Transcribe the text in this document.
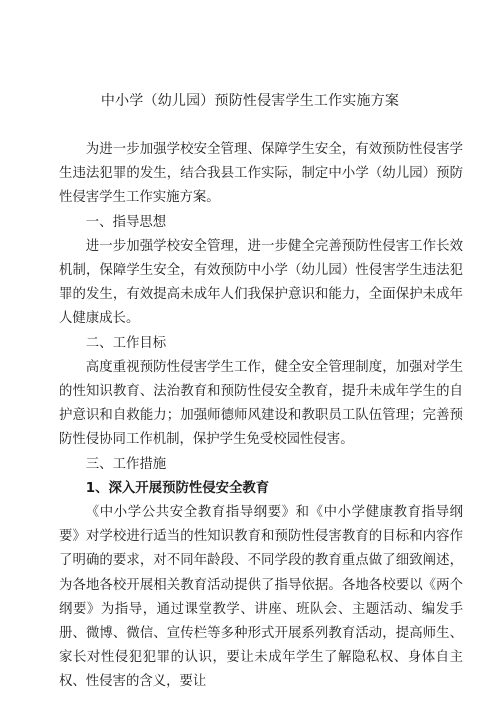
中小学（幼儿园）预防性侵害学生工作实施方案

为进一步加强学校安全管理、保障学生安全，有效预防性侵害学生违法犯罪的发生，结合我县工作实际，制定中小学（幼儿园）预防性侵害学生工作实施方案。

一、指导思想

进一步加强学校安全管理，进一步健全完善预防性侵害工作长效机制，保障学生安全，有效预防中小学（幼儿园）性侵害学生违法犯罪的发生，有效提高未成年人们我保护意识和能力，全面保护未成年人健康成长。

二、工作目标

高度重视预防性侵害学生工作，健全安全管理制度，加强对学生的性知识教育、法治教育和预防性侵安全教育，提升未成年学生的自护意识和自救能力；加强师德师风建设和教职员工队伍管理；完善预防性侵协同工作机制，保护学生免受校园性侵害。

三、工作措施
1、深入开展预防性侵安全教育

《中小学公共安全教育指导纲要》和《中小学健康教育指导纲要》对学校进行适当的性知识教育和预防性侵害教育的目标和内容作了明确的要求，对不同年龄段、不同学段的教育重点做了细致阐述，为各地各校开展相关教育活动提供了指导依据。各地各校要以《两个纲要》为指导，通过课堂教学、讲座、班队会、主题活动、编发手册、微博、微信、宣传栏等多种形式开展系列教育活动，提高师生、家长对性侵犯犯罪的认识，要让未成年学生了解隐私权、身体自主权、性侵害的含义，要让
